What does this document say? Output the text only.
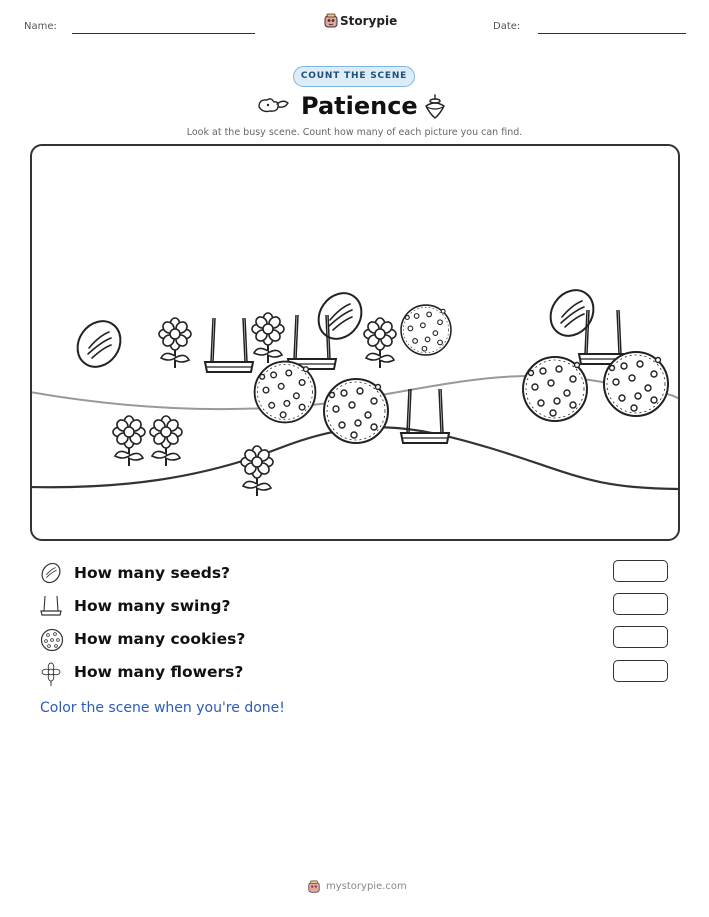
Name:	Storypie	Date:
COUNT THE SCENE
Patience
Look at the busy scene. Count how many of each picture you can find.
How many seeds?
How many swing?
How many cookies?
How many flowers?
Color the scene when you're done!
mystorypie.com
